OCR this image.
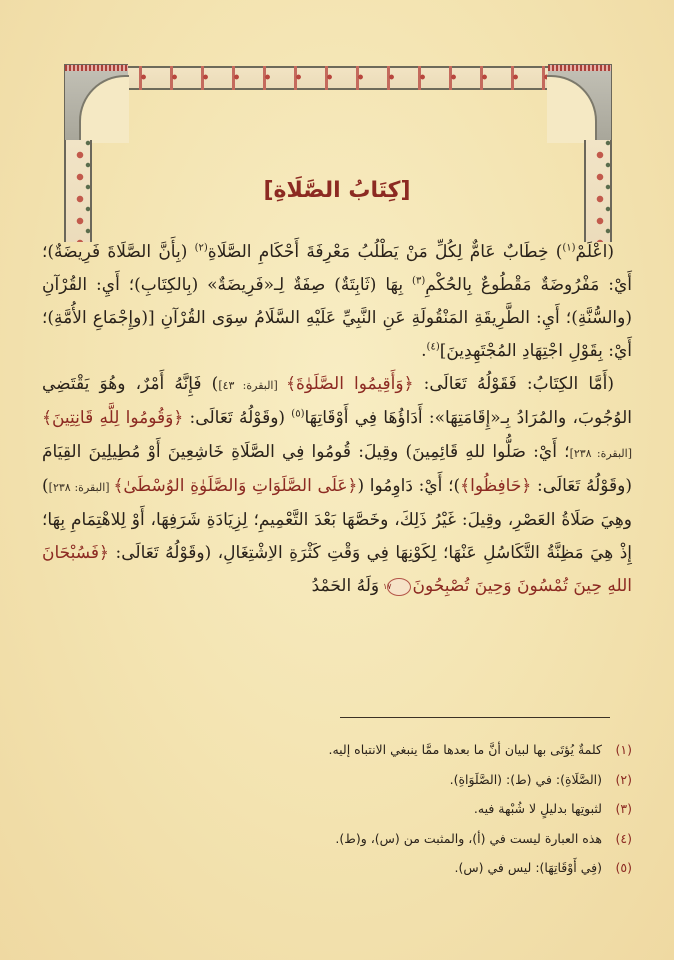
[كِتَابُ الصَّلَاةِ]

(اعْلَمْ$^{(١)}$) خِطَابٌ عَامٌّ لِكُلِّ مَنْ يَطْلُبُ مَعْرِفَةَ أَحْكَامِ الصَّلَاةِ$^{(٢)}$ (بِأَنَّ الصَّلَاةَ فَرِيضَةٌ)؛ أَيْ: مَفْرُوضَةٌ مَقْطُوعٌ بِالحُكْمِ$^{(٣)}$ بِهَا (ثَابِتَةٌ) صِفَةٌ لِـ«فَرِيضَةٌ» (بِالكِتَابِ)؛ أَيِ: القُرْآنِ (والسُّنَّةِ)؛ أَيِ: الطَّرِيقَةِ المَنْقُولَةِ عَنِ النَّبِيِّ عَلَيْهِ السَّلَامُ سِوَى القُرْآنِ [(وإِجْمَاعِ الأُمَّةِ)؛ أَيْ: بِقَوْلِ اجْتِهَادِ المُجْتَهِدِينَ]$^{(٤)}$.

(أَمَّا الكِتَابُ: فَقَوْلُهُ تَعَالَى: ﴿وَأَقِيمُوا الصَّلَوٰةَ﴾ [البقرة: ٤٣]) فَإِنَّهُ أَمْرٌ، وهُوَ يَقْتَضِي الوُجُوبَ، والمُرَادُ بِـ«إِقَامَتِهَا»: أَدَاؤُهَا فِي أَوْقَاتِهَا$^{(٥)}$ (وقَوْلُهُ تَعَالَى: ﴿وَقُومُوا لِلَّهِ قَانِتِينَ﴾ [البقرة: ٢٣٨]؛ أَيْ: صَلُّوا للهِ قَائِمِينَ) وقِيلَ: قُومُوا فِي الصَّلَاةِ خَاشِعِينَ أَوْ مُطِيلِينَ القِيَامَ (وقَوْلُهُ تَعَالَى: ﴿حَافِظُوا﴾)؛ أَيْ: دَاوِمُوا (﴿عَلَى الصَّلَوَاتِ وَالصَّلَوٰةِ الوُسْطَىٰ﴾ [البقرة: ٢٣٨]) وهِيَ صَلَاةُ العَصْرِ، وقِيلَ: غَيْرُ ذَلِكَ، وخَصَّهَا بَعْدَ التَّعْمِيمِ؛ لِزِيَادَةِ شَرَفِهَا، أَوْ لِلاهْتِمَامِ بِهَا؛ إِذْ هِيَ مَظِنَّةُ التَّكَاسُلِ عَنْهَا؛ لِكَوْنِهَا فِي وَقْتِ كَثْرَةِ الاِشْتِغَالِ، (وقَوْلُهُ تَعَالَى: ﴿فَسُبْحَانَ اللهِ حِينَ تُمْسُونَ وَحِينَ تُصْبِحُونَ١٧ وَلَهُ الحَمْدُ

(١)
كلمةٌ يُؤتَى بها لبيان أنَّ ما بعدها ممَّا ينبغي الانتباه إليه.
(٢)
(الصَّلَاةِ): في (ط): (الصَّلَوَاةِ).
(٣)
لثبوتِها بدليلٍ لا شُبْهة فيه.
(٤)
هذه العبارة ليست في (أ)، والمثبت من (س)، و(ط).
(٥)
(فِي أَوْقَاتِهَا): ليس في (س).
